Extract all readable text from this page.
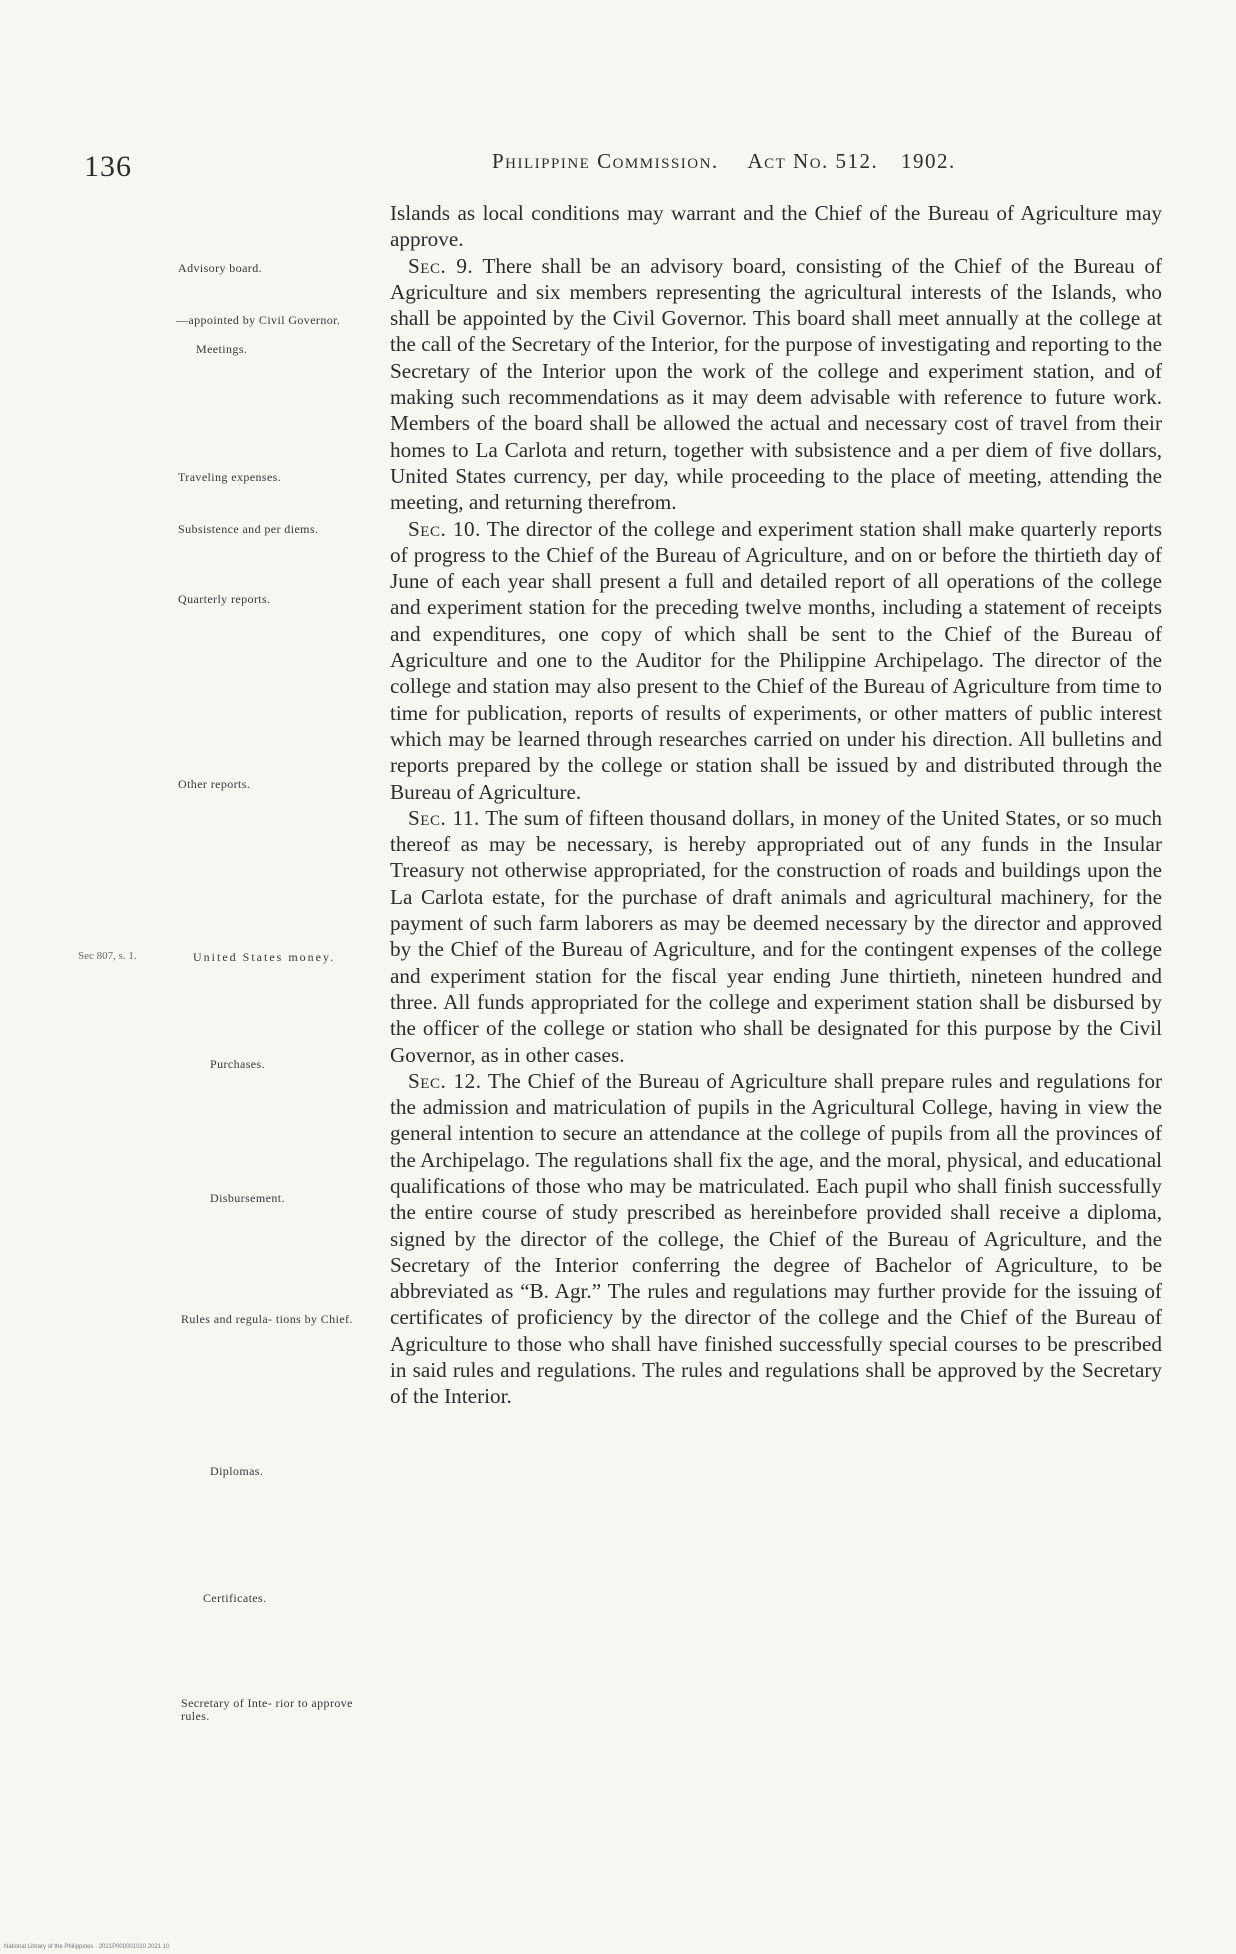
136	Philippine Commission. Act No. 512. 1902.
Advisory board.
—appointed by Civil Governor.
Meetings.
Traveling expenses.
Subsistence and per diems.
Quarterly reports.
Other reports.
United States money.
Purchases.
Disbursement.
Rules and regula- tions by Chief.
Diplomas.
Certificates.
Secretary of Inte- rior to approve rules.
Sec 807, s. 1.

Islands as local conditions may warrant and the Chief of the Bureau of Agriculture may approve.

Sec. 9. There shall be an advisory board, consisting of the Chief of the Bureau of Agriculture and six members representing the agricultural interests of the Islands, who shall be appointed by the Civil Governor. This board shall meet annually at the college at the call of the Secretary of the Interior, for the purpose of investigating and reporting to the Secretary of the Interior upon the work of the college and experiment station, and of making such recommendations as it may deem advisable with reference to future work. Members of the board shall be allowed the actual and necessary cost of travel from their homes to La Carlota and return, together with subsistence and a per diem of five dollars, United States currency, per day, while proceeding to the place of meeting, attending the meeting, and returning therefrom.

Sec. 10. The director of the college and experiment station shall make quarterly reports of progress to the Chief of the Bureau of Agriculture, and on or before the thirtieth day of June of each year shall present a full and detailed report of all operations of the college and experiment station for the preceding twelve months, including a statement of receipts and expenditures, one copy of which shall be sent to the Chief of the Bureau of Agriculture and one to the Auditor for the Philippine Archipelago. The director of the college and station may also present to the Chief of the Bureau of Agriculture from time to time for publication, reports of results of experiments, or other matters of public interest which may be learned through researches carried on under his direction. All bulletins and reports prepared by the college or station shall be issued by and distributed through the Bureau of Agriculture.

Sec. 11. The sum of fifteen thousand dollars, in money of the United States, or so much thereof as may be necessary, is hereby appropriated out of any funds in the Insular Treasury not otherwise appropriated, for the construction of roads and buildings upon the La Carlota estate, for the purchase of draft animals and agricultural machinery, for the payment of such farm laborers as may be deemed necessary by the director and approved by the Chief of the Bureau of Agriculture, and for the contingent expenses of the college and experiment station for the fiscal year ending June thirtieth, nineteen hundred and three. All funds appropriated for the college and experiment station shall be disbursed by the officer of the college or station who shall be designated for this purpose by the Civil Governor, as in other cases.

Sec. 12. The Chief of the Bureau of Agriculture shall prepare rules and regulations for the admission and matriculation of pupils in the Agricultural College, having in view the general intention to secure an attendance at the college of pupils from all the provinces of the Archipelago. The regulations shall fix the age, and the moral, physical, and educational qualifications of those who may be matriculated. Each pupil who shall finish successfully the entire course of study prescribed as hereinbefore provided shall receive a diploma, signed by the director of the college, the Chief of the Bureau of Agriculture, and the Secretary of the Interior conferring the degree of Bachelor of Agriculture, to be abbreviated as “B. Agr.” The rules and regulations may further provide for the issuing of certificates of proficiency by the director of the college and the Chief of the Bureau of Agriculture to those who shall have finished successfully special courses to be prescribed in said rules and regulations. The rules and regulations shall be approved by the Secretary of the Interior.

National Library of the Philippines · 2021P000001010 2021 10
